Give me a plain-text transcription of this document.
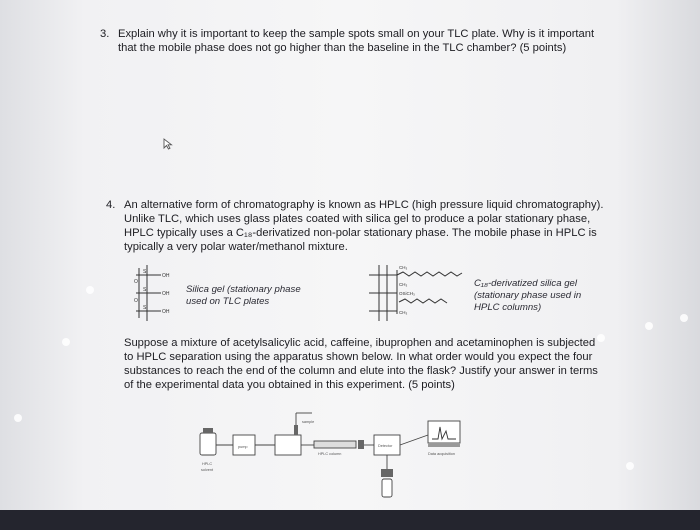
3. Explain why it is important to keep the sample spots small on your TLC plate. Why is it important

that the mobile phase does not go higher than the baseline in the TLC chamber? (5 points)

4. An alternative form of chromatography is known as HPLC (high pressure liquid chromatography).

Unlike TLC, which uses glass plates coated with silica gel to produce a polar stationary phase,

HPLC typically uses a C₁₈-derivatized non-polar stationary phase. The mobile phase in HPLC is

typically a very polar water/methanol mixture.

Si
Si
Si
OH
OH
OH
O
O
Silica gel (stationary phase
used on TLC plates
CH₃
CH₃
OSiCH₃
CH₃
C₁₈-derivatized silica gel
(stationary phase used in
HPLC columns)

Suppose a mixture of acetylsalicylic acid, caffeine, ibuprophen and acetaminophen is subjected

to HPLC separation using the apparatus shown below. In what order would you expect the four

substances to reach the end of the column and elute into the flask? Justify your answer in terms

of the experimental data you obtained in this experiment. (5 points)

HPLC
solvent
pump
sample
HPLC column
Detector
Data acquisition
